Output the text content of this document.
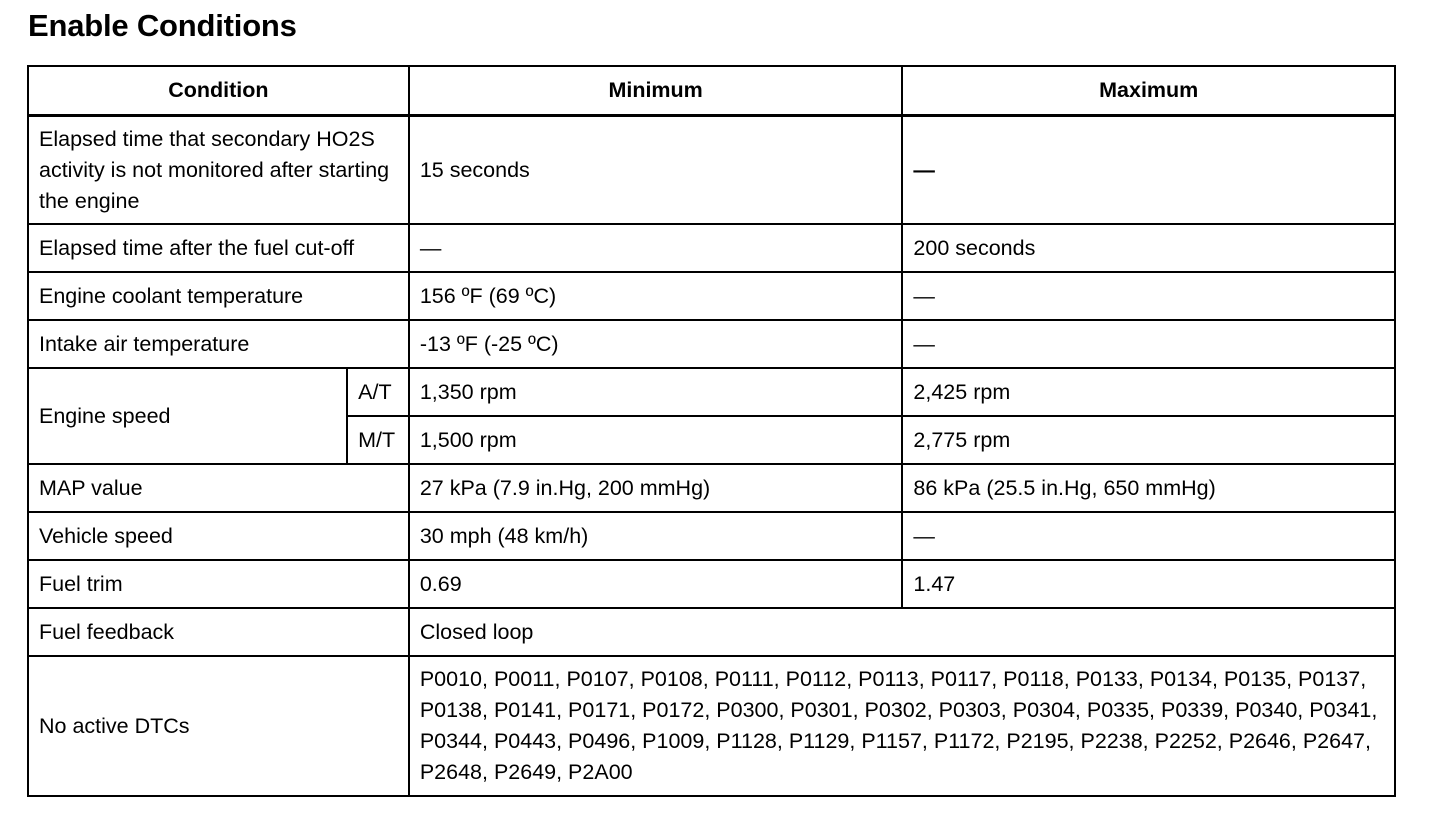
Enable Conditions
Condition		Minimum	Maximum
Elapsed time that secondary HO2S activity is not monitored after starting the engine		15 seconds	—
Elapsed time after the fuel cut-off		—	200 seconds
Engine coolant temperature		156 ºF (69 ºC)	—
Intake air temperature		-13 ºF (-25 ºC)	—
Engine speed	A/T	1,350 rpm	2,425 rpm
	M/T	1,500 rpm	2,775 rpm
MAP value		27 kPa (7.9 in.Hg, 200 mmHg)	86 kPa (25.5 in.Hg, 650 mmHg)
Vehicle speed		30 mph (48 km/h)	—
Fuel trim		0.69	1.47
Fuel feedback		Closed loop	
No active DTCs		P0010, P0011, P0107, P0108, P0111, P0112, P0113, P0117, P0118, P0133, P0134, P0135, P0137, P0138, P0141, P0171, P0172, P0300, P0301, P0302, P0303, P0304, P0335, P0339, P0340, P0341, P0344, P0443, P0496, P1009, P1128, P1129, P1157, P1172, P2195, P2238, P2252, P2646, P2647, P2648, P2649, P2A00	
